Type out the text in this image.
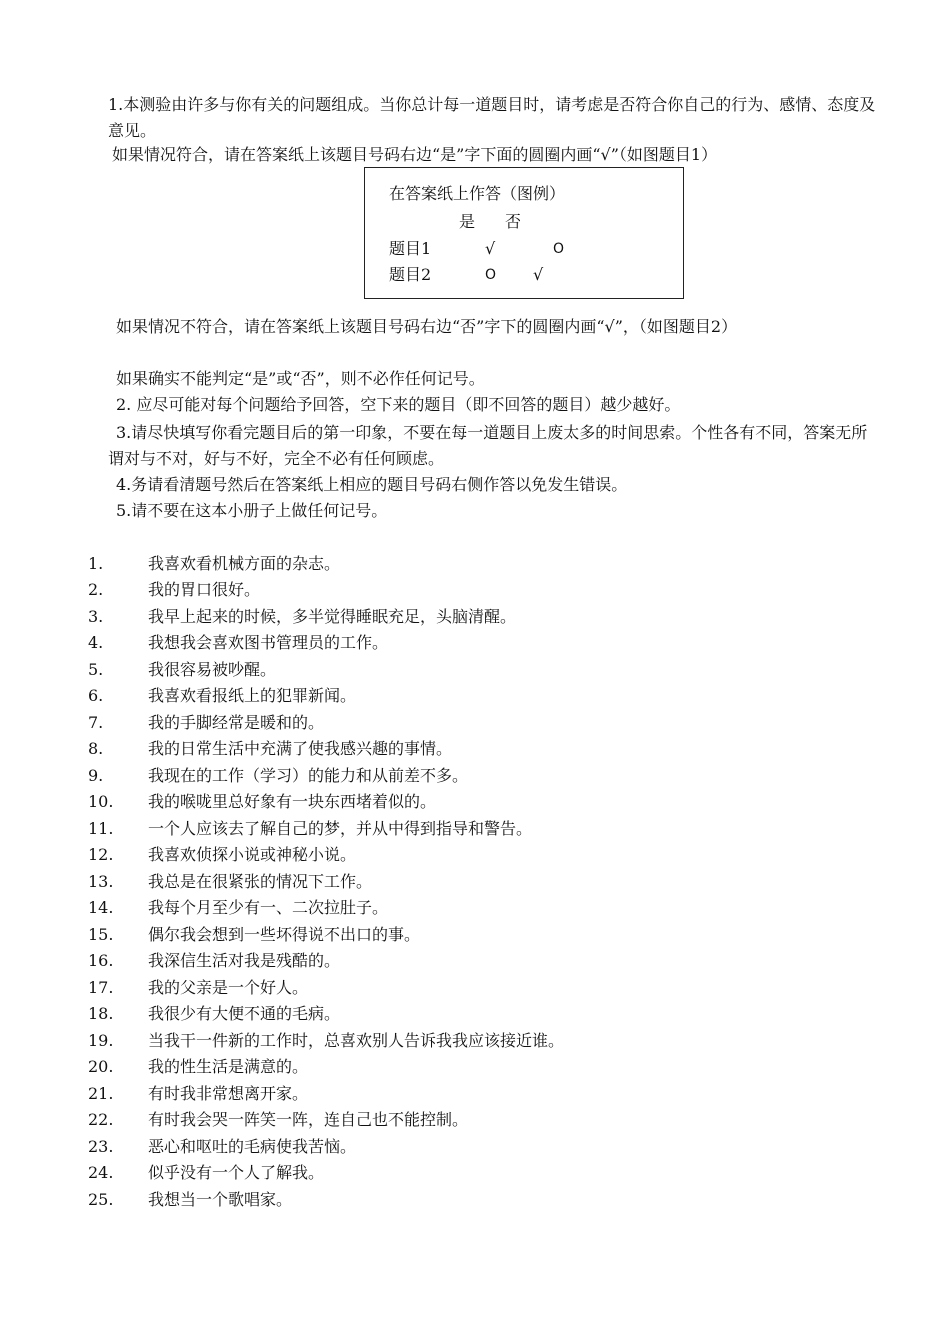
1.本测验由许多与你有关的问题组成。当你总计每一道题目时，请考虑是否符合你自己的行为、感情、态度及意见。
如果情况符合，请在答案纸上该题目号码右边“是”字下面的圆圈内画“√”（如图题目1）
在答案纸上作答（图例）
是 否
题目1	√	O
题目2	O √
如果情况不符合，请在答案纸上该题目号码右边“否”字下的圆圈内画“√”，（如图题目2）
如果确实不能判定“是”或“否”，则不必作任何记号。
2. 应尽可能对每个问题给予回答，空下来的题目（即不回答的题目）越少越好。
3.请尽快填写你看完题目后的第一印象，不要在每一道题目上废太多的时间思索。个性各有不同，答案无所谓对与不对，好与不好，完全不必有任何顾虑。
4.务请看清题号然后在答案纸上相应的题目号码右侧作答以免发生错误。
5.请不要在这本小册子上做任何记号。
1.	我喜欢看机械方面的杂志。
2.	我的胃口很好。
3.	我早上起来的时候，多半觉得睡眠充足，头脑清醒。
4.	我想我会喜欢图书管理员的工作。
5.	我很容易被吵醒。
6.	我喜欢看报纸上的犯罪新闻。
7.	我的手脚经常是暖和的。
8.	我的日常生活中充满了使我感兴趣的事情。
9.	我现在的工作（学习）的能力和从前差不多。
10. 我的喉咙里总好象有一块东西堵着似的。
11. 一个人应该去了解自己的梦，并从中得到指导和警告。
12. 我喜欢侦探小说或神秘小说。
13. 我总是在很紧张的情况下工作。
14. 我每个月至少有一、二次拉肚子。
15. 偶尔我会想到一些坏得说不出口的事。
16. 我深信生活对我是残酷的。
17. 我的父亲是一个好人。
18. 我很少有大便不通的毛病。
19. 当我干一件新的工作时，总喜欢别人告诉我我应该接近谁。
20. 我的性生活是满意的。
21. 有时我非常想离开家。
22. 有时我会哭一阵笑一阵，连自己也不能控制。
23. 恶心和呕吐的毛病使我苦恼。
24. 似乎没有一个人了解我。
25. 我想当一个歌唱家。
